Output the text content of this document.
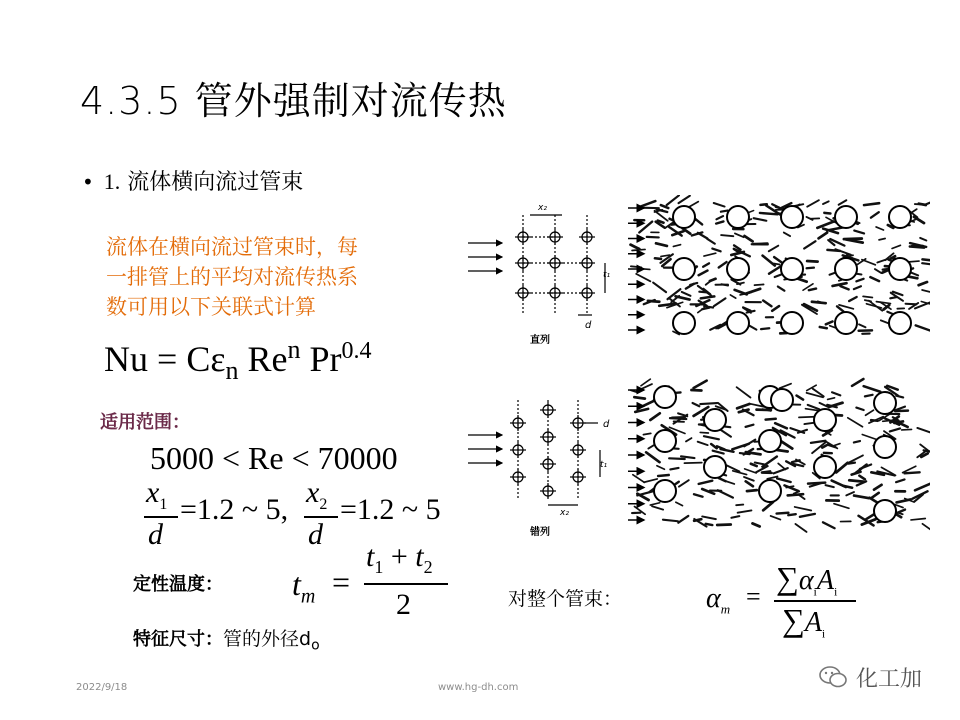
4.3.5 管外强制对流传热
• 1. 流体横向流过管束
流体在横向流过管束时，每
一排管上的平均对流传热系
数可用以下关联式计算
$Nu = C\varepsilon_n$ Re$^n$ $Pr^{0.4}$
适用范围：
5000 < Re < 70000
$x_1$
d
=1.2 ~ 5,
$x_2$
d
=1.2 ~ 5
定性温度： $t_m$ =
$t_1 + t_2$
2
特征尺寸：管的外径$d_o$
对整个管束：	$\alpha_m$ =
$\sum\alpha_iA_i$
$\sum A_i$
直列
错列
x₂
t₁
d
d
t₁
x₂
2022/9/18	www.hg-dh.com	化工加
